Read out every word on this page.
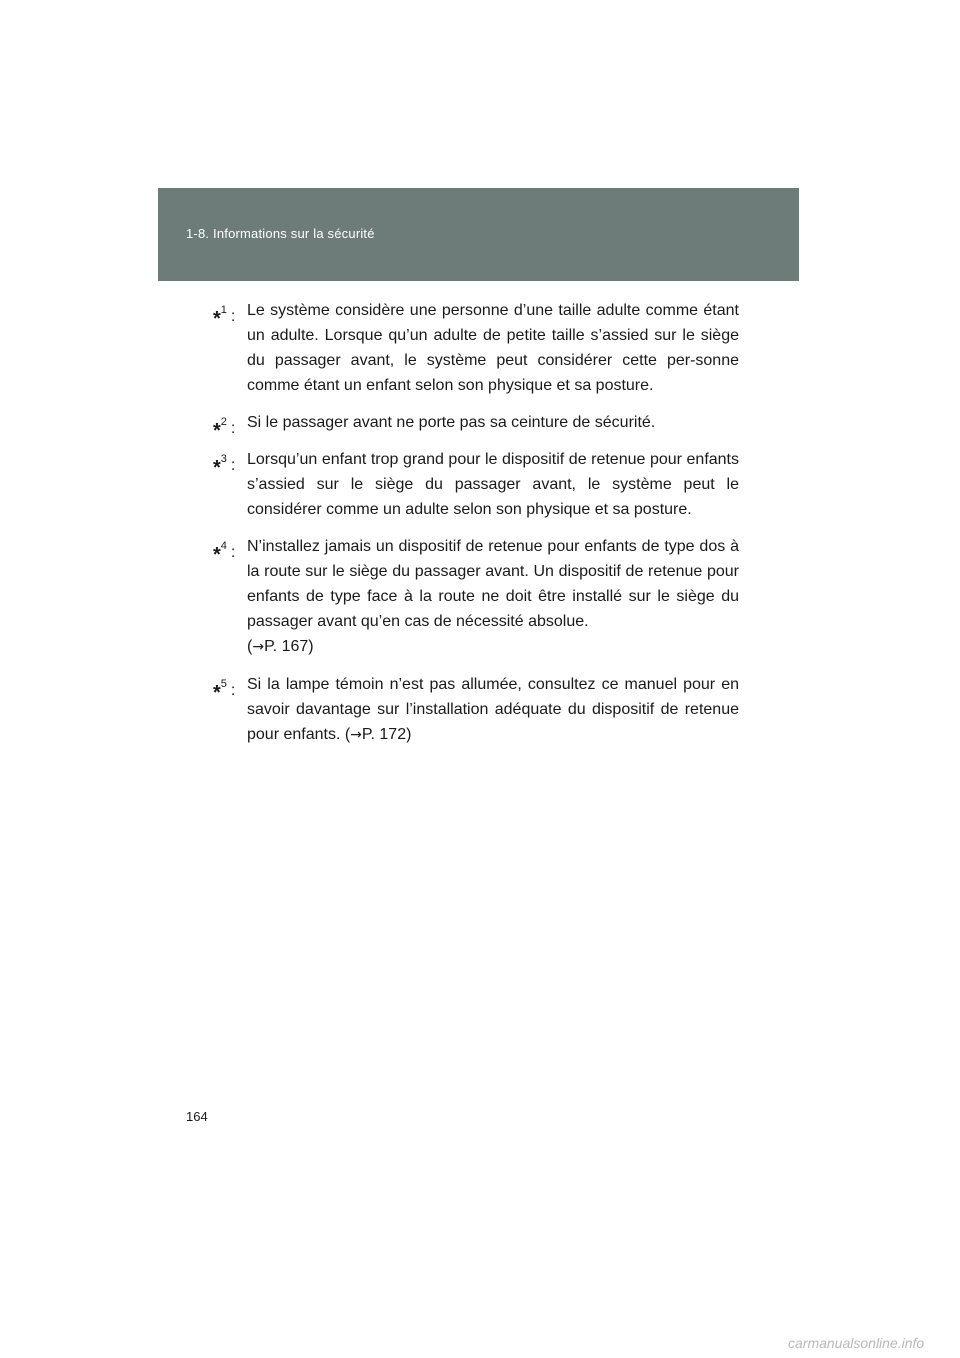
1-8. Informations sur la sécurité
*$^1$ : Le système considère une personne d’une taille adulte comme étant un adulte. Lorsque qu’un adulte de petite taille s’assied sur le siège du passager avant, le système peut considérer cette per-sonne comme étant un enfant selon son physique et sa posture.
*$^2$ : Si le passager avant ne porte pas sa ceinture de sécurité.
*$^3$ : Lorsqu’un enfant trop grand pour le dispositif de retenue pour enfants s’assied sur le siège du passager avant, le système peut le considérer comme un adulte selon son physique et sa posture.
*$^4$ : N’installez jamais un dispositif de retenue pour enfants de type dos à la route sur le siège du passager avant. Un dispositif de retenue pour enfants de type face à la route ne doit être installé sur le siège du passager avant qu’en cas de nécessité absolue.
(→P. 167)
*$^5$ : Si la lampe témoin n’est pas allumée, consultez ce manuel pour en savoir davantage sur l’installation adéquate du dispositif de retenue pour enfants. (→P. 172)
164
carmanualsonline.info
